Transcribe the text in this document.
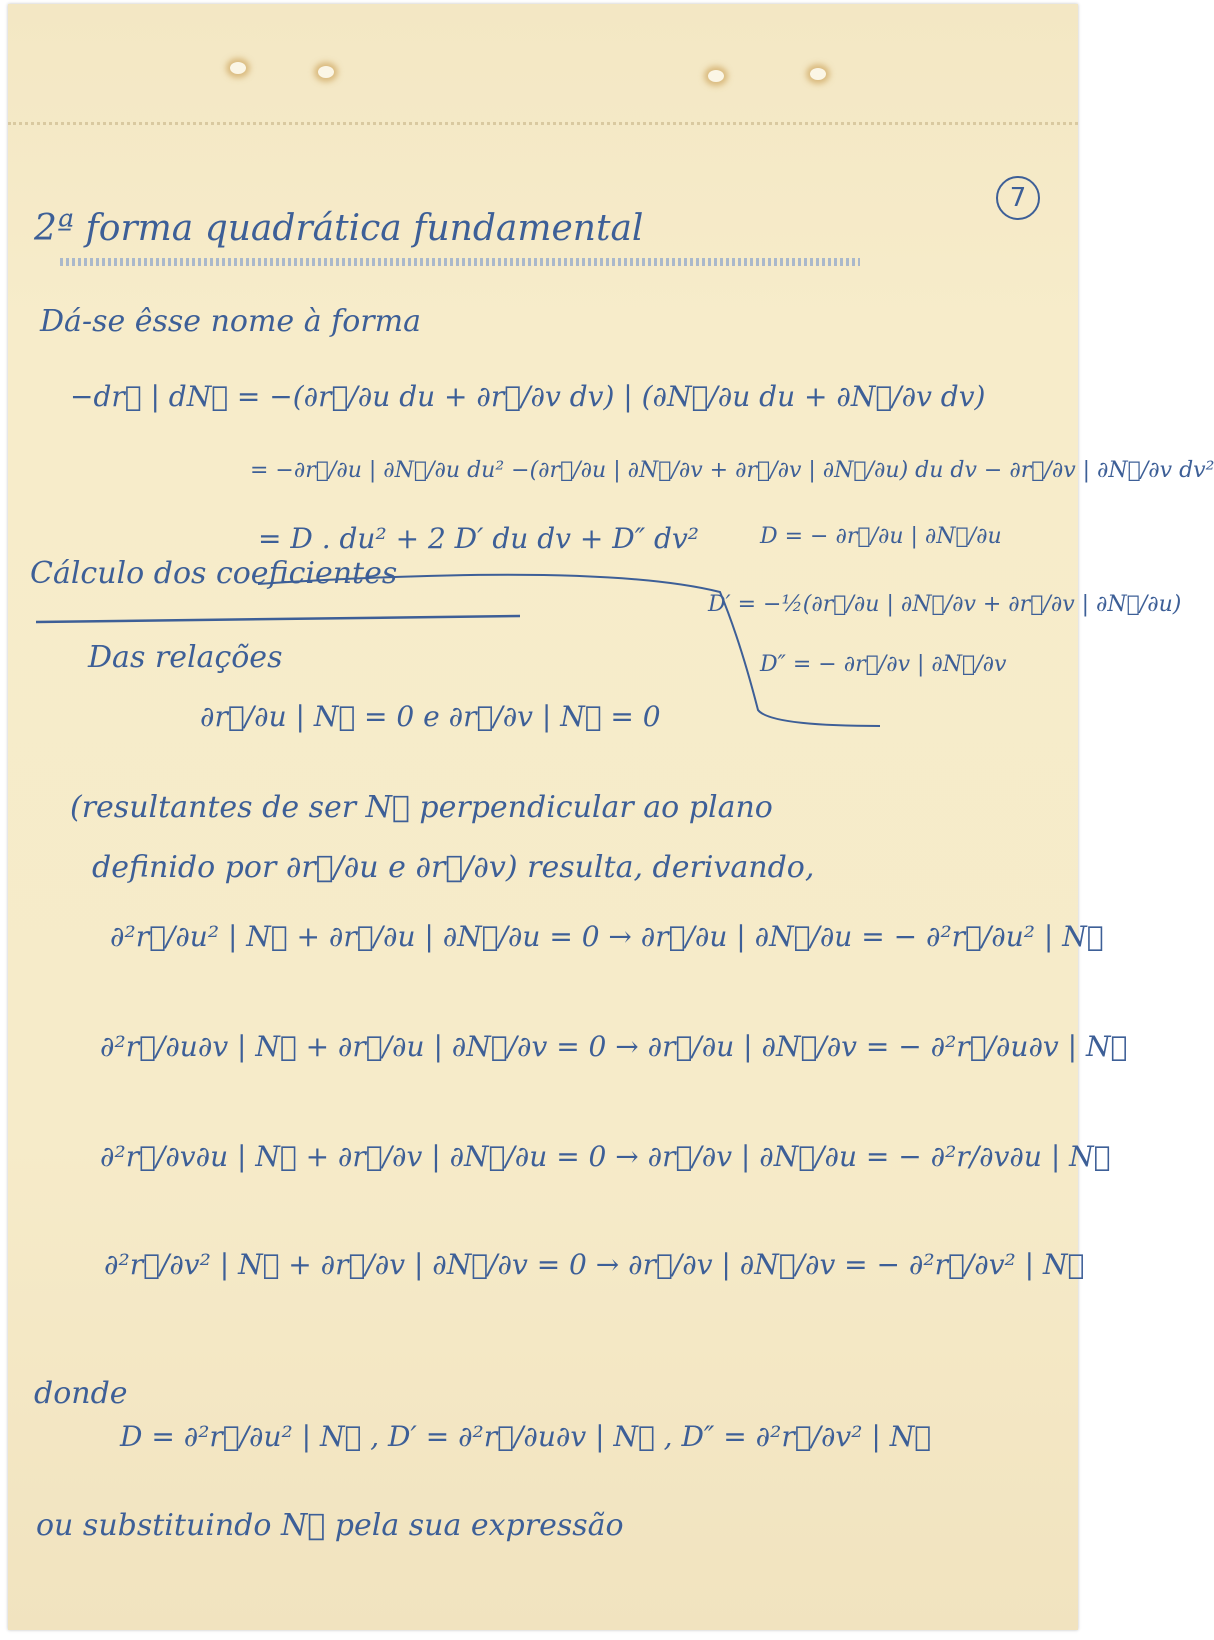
7
2ª forma quadrática fundamental
Dá-se êsse nome à forma
−dr⃗ | dN⃗ = −(∂r⃗/∂u du + ∂r⃗/∂v dv) | (∂N⃗/∂u du + ∂N⃗/∂v dv)
= −∂r⃗/∂u | ∂N⃗/∂u du² −(∂r⃗/∂u | ∂N⃗/∂v + ∂r⃗/∂v | ∂N⃗/∂u) du dv − ∂r⃗/∂v | ∂N⃗/∂v dv²
= D . du² + 2 D′ du dv + D″ dv²	D = − ∂r⃗/∂u | ∂N⃗/∂u
D′ = −½(∂r⃗/∂u | ∂N⃗/∂v + ∂r⃗/∂v | ∂N⃗/∂u)
D″ = − ∂r⃗/∂v | ∂N⃗/∂v
Cálculo dos coeficientes
Das relações
∂r⃗/∂u | N⃗ = 0 e ∂r⃗/∂v | N⃗ = 0
(resultantes de ser N⃗ perpendicular ao plano
definido por ∂r⃗/∂u e ∂r⃗/∂v) resulta, derivando,
∂²r⃗/∂u² | N⃗ + ∂r⃗/∂u | ∂N⃗/∂u = 0 → ∂r⃗/∂u | ∂N⃗/∂u = − ∂²r⃗/∂u² | N⃗
∂²r⃗/∂u∂v | N⃗ + ∂r⃗/∂u | ∂N⃗/∂v = 0 → ∂r⃗/∂u | ∂N⃗/∂v = − ∂²r⃗/∂u∂v | N⃗
∂²r⃗/∂v∂u | N⃗ + ∂r⃗/∂v | ∂N⃗/∂u = 0 → ∂r⃗/∂v | ∂N⃗/∂u = − ∂²r/∂v∂u | N⃗
∂²r⃗/∂v² | N⃗ + ∂r⃗/∂v | ∂N⃗/∂v = 0 → ∂r⃗/∂v | ∂N⃗/∂v = − ∂²r⃗/∂v² | N⃗
donde
D = ∂²r⃗/∂u² | N⃗ , D′ = ∂²r⃗/∂u∂v | N⃗ , D″ = ∂²r⃗/∂v² | N⃗
ou substituindo N⃗ pela sua expressão
